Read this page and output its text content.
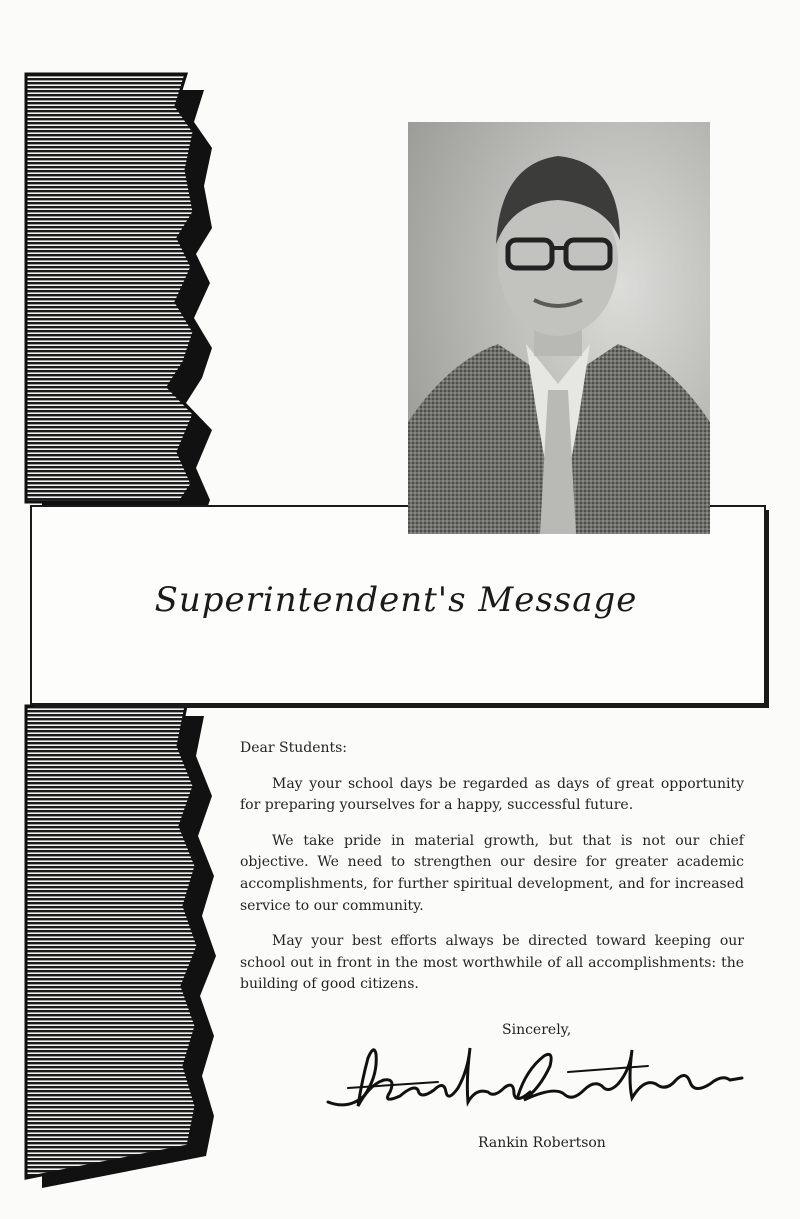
Superintendent's Message

Dear Students:

May your school days be regarded as days of great opportunity for preparing yourselves for a happy, successful future.

We take pride in material growth, but that is not our chief objective. We need to strengthen our desire for greater academic accomplishments, for further spiritual development, and for increased service to our community.

May your best efforts always be directed toward keeping our school out in front in the most worthwhile of all accomplishments: the building of good citizens.

Sincerely,
Rankin Robertson
